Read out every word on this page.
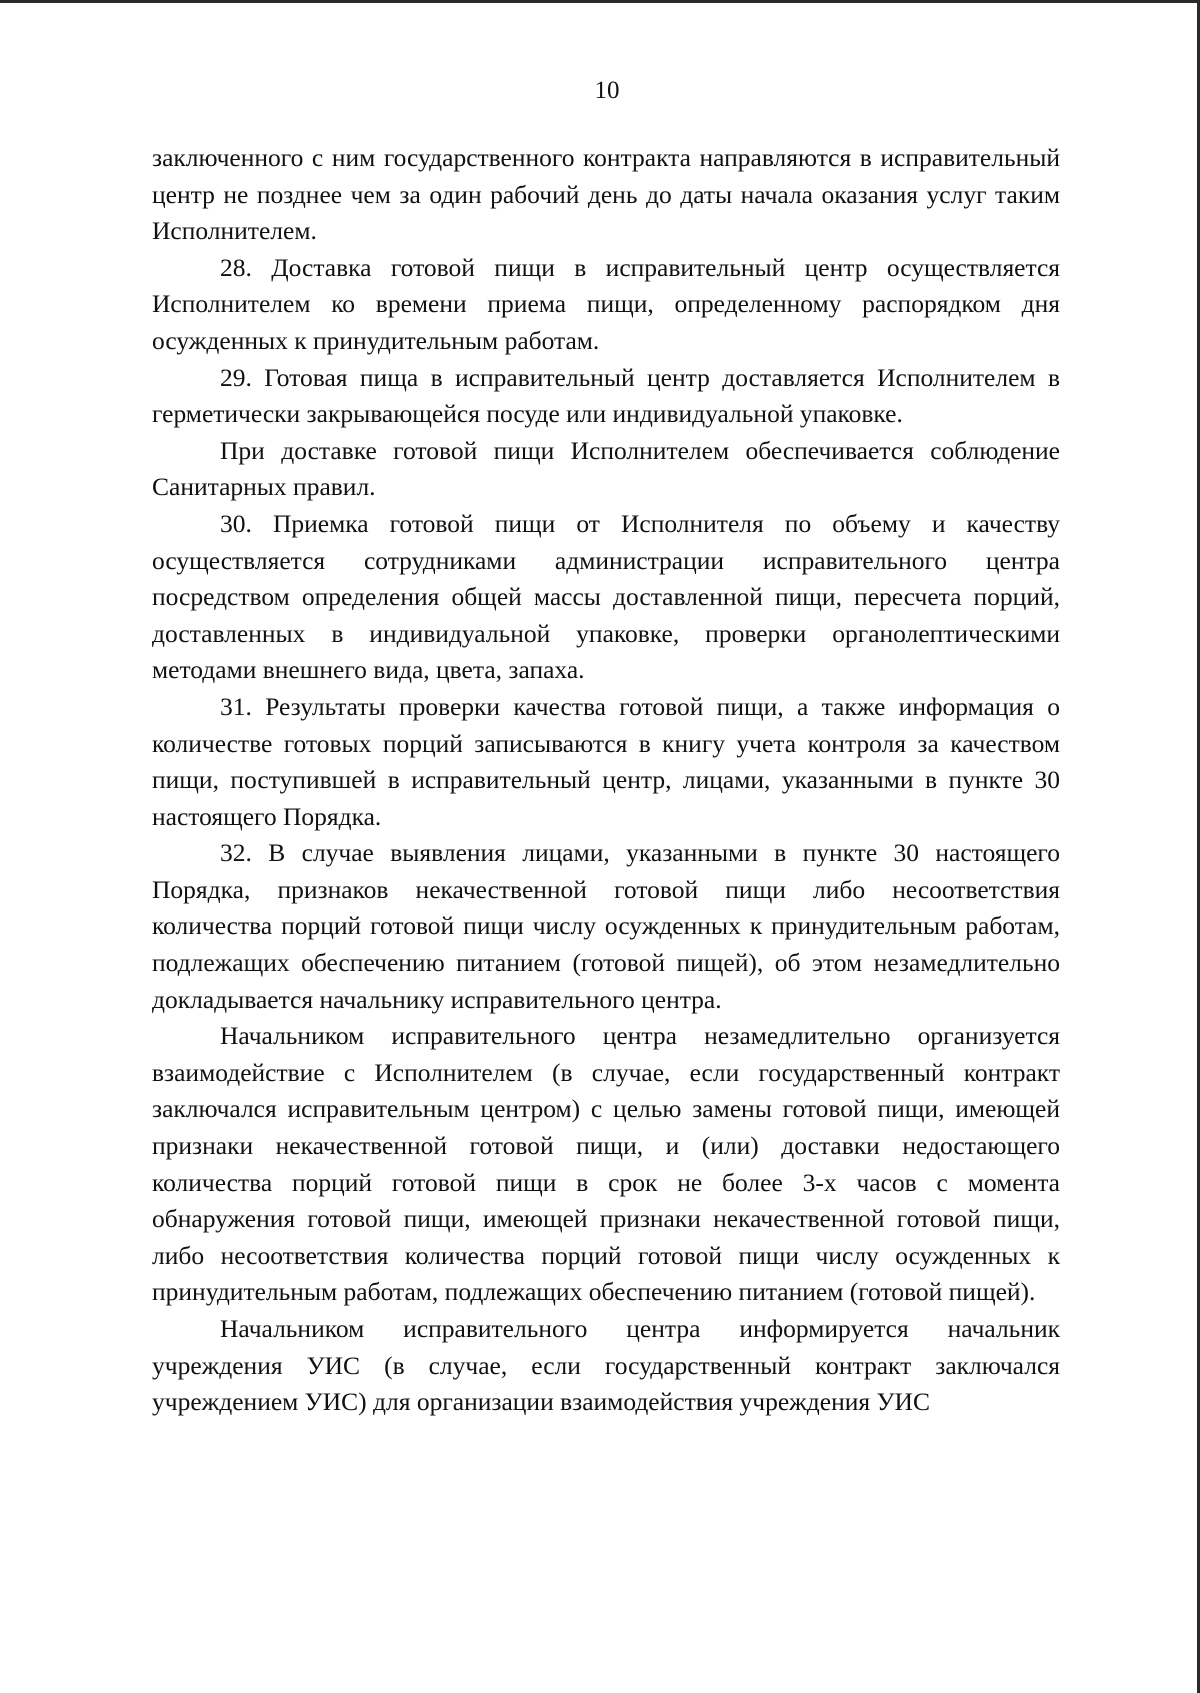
10

заключенного с ним государственного контракта направляются в исправительный центр не позднее чем за один рабочий день до даты начала оказания услуг таким Исполнителем.

28. Доставка готовой пищи в исправительный центр осуществляется Исполнителем ко времени приема пищи, определенному распорядком дня осужденных к принудительным работам.

29. Готовая пища в исправительный центр доставляется Исполнителем в герметически закрывающейся посуде или индивидуальной упаковке.

При доставке готовой пищи Исполнителем обеспечивается соблюдение Санитарных правил.

30. Приемка готовой пищи от Исполнителя по объему и качеству осуществляется сотрудниками администрации исправительного центра посредством определения общей массы доставленной пищи, пересчета порций, доставленных в индивидуальной упаковке, проверки органолептическими методами внешнего вида, цвета, запаха.

31. Результаты проверки качества готовой пищи, а также информация о количестве готовых порций записываются в книгу учета контроля за качеством пищи, поступившей в исправительный центр, лицами, указанными в пункте 30 настоящего Порядка.

32. В случае выявления лицами, указанными в пункте 30 настоящего Порядка, признаков некачественной готовой пищи либо несоответствия количества порций готовой пищи числу осужденных к принудительным работам, подлежащих обеспечению питанием (готовой пищей), об этом незамедлительно докладывается начальнику исправительного центра.

Начальником исправительного центра незамедлительно организуется взаимодействие с Исполнителем (в случае, если государственный контракт заключался исправительным центром) с целью замены готовой пищи, имеющей признаки некачественной готовой пищи, и (или) доставки недостающего количества порций готовой пищи в срок не более 3-х часов с момента обнаружения готовой пищи, имеющей признаки некачественной готовой пищи, либо несоответствия количества порций готовой пищи числу осужденных к принудительным работам, подлежащих обеспечению питанием (готовой пищей).

Начальником исправительного центра информируется начальник учреждения УИС (в случае, если государственный контракт заключался учреждением УИС) для организации взаимодействия учреждения УИС
